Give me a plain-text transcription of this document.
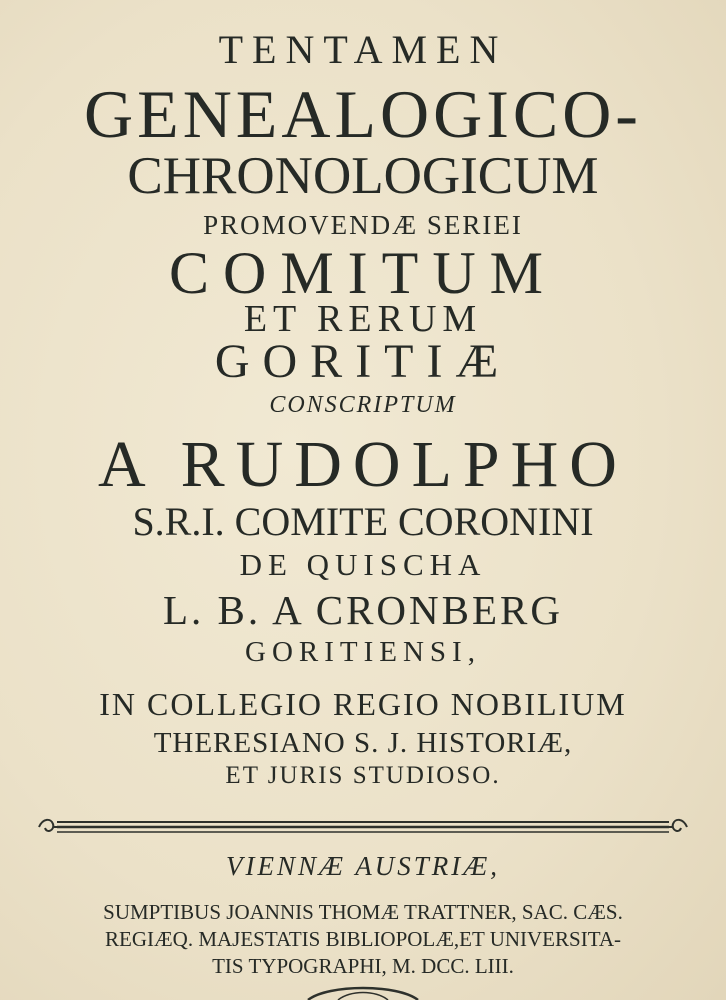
TENTAMEN

GENEALOGICO-

CHRONOLOGICUM

PROMOVENDÆ SERIEI

COMITUM

ET RERUM

GORITIÆ

CONSCRIPTUM

A RUDOLPHO

S.R.I. COMITE CORONINI

DE QUISCHA

L. B. A CRONBERG

GORITIENSI,

IN COLLEGIO REGIO NOBILIUM

THERESIANO S. J. HISTORIÆ,

ET JURIS STUDIOSO.

VIENNÆ AUSTRIÆ,

SUMPTIBUS JOANNIS THOMÆ TRATTNER, SAC. CÆS.

REGIÆQ. MAJESTATIS BIBLIOPOLÆ,ET UNIVERSITA-

TIS TYPOGRAPHI, M. DCC. LIII.
